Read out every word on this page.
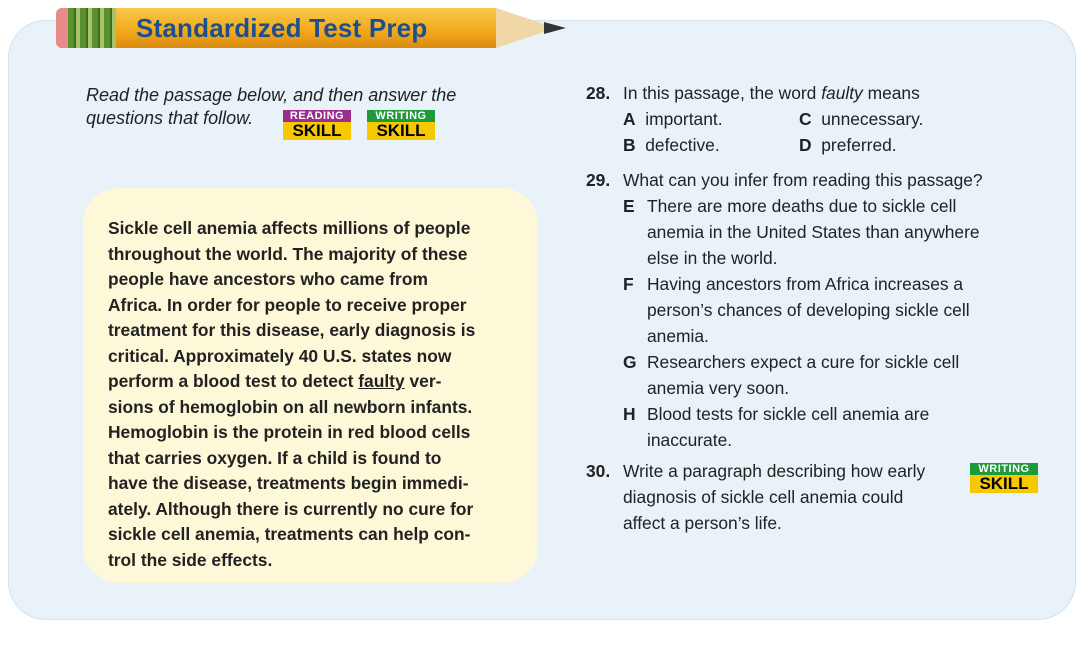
Standardized Test Prep
Read the passage below, and then answer the
questions that follow.	READING
SKILL
WRITING
SKILL
Sickle cell anemia affects millions of people
throughout the world. The majority of these
people have ancestors who came from
Africa. In order for people to receive proper
treatment for this disease, early diagnosis is
critical. Approximately 40 U.S. states now
perform a blood test to detect faulty ver-
sions of hemoglobin on all newborn infants.
Hemoglobin is the protein in red blood cells
that carries oxygen. If a child is found to
have the disease, treatments begin immedi-
ately. Although there is currently no cure for
sickle cell anemia, treatments can help con-
trol the side effects.
28. In this passage, the word faulty means
A important.	C unnecessary.
B defective.	D preferred.
29. What can you infer from reading this passage?
E There are more deaths due to sickle cell
anemia in the United States than anywhere
else in the world.
F Having ancestors from Africa increases a
person’s chances of developing sickle cell
anemia.
G Researchers expect a cure for sickle cell
anemia very soon.
H Blood tests for sickle cell anemia are
inaccurate.
30. Write a paragraph describing how early
diagnosis of sickle cell anemia could
affect a person’s life.
WRITING
SKILL
